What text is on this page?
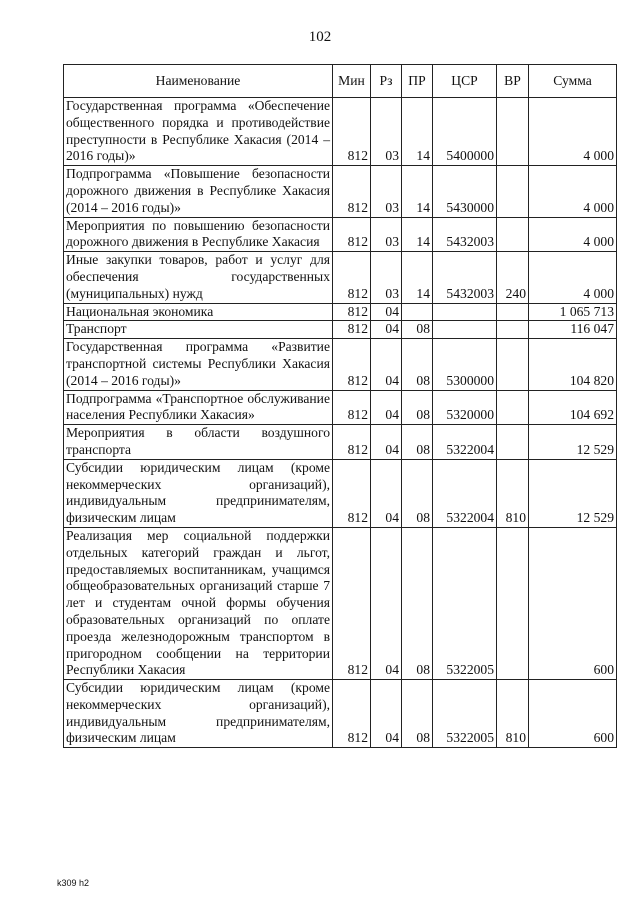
102
Наименование	Мин	Рз	ПР	ЦСР	ВР	Сумма
Государственная программа «Обеспечение общественного порядка и противодействие преступности в Республике Хакасия (2014 – 2016 годы)»	812	03	14	5400000		4 000
Подпрограмма «Повышение безопасности дорожного движения в Республике Хакасия (2014 – 2016 годы)»	812	03	14	5430000		4 000
Мероприятия по повышению безопасности дорожного движения в Республике Хакасия	812	03	14	5432003		4 000
Иные закупки товаров, работ и услуг для обеспечения государственных (муниципальных) нужд	812	03	14	5432003	240	4 000
Национальная экономика	812	04				1 065 713
Транспорт	812	04	08			116 047
Государственная программа «Развитие транспортной системы Республики Хакасия (2014 – 2016 годы)»	812	04	08	5300000		104 820
Подпрограмма «Транспортное обслуживание населения Республики Хакасия»	812	04	08	5320000		104 692
Мероприятия в области воздушного транспорта	812	04	08	5322004		12 529
Субсидии юридическим лицам (кроме некоммерческих организаций), индивидуальным предпринимателям, физическим лицам	812	04	08	5322004	810	12 529
Реализация мер социальной поддержки отдельных категорий граждан и льгот, предоставляемых воспитанникам, учащимся общеобразовательных организаций старше 7 лет и студентам очной формы обучения образовательных организаций по оплате проезда железнодорожным транспортом в пригородном сообщении на территории Республики Хакасия	812	04	08	5322005		600
Субсидии юридическим лицам (кроме некоммерческих организаций), индивидуальным предпринимателям, физическим лицам	812	04	08	5322005	810	600
k309 h2
